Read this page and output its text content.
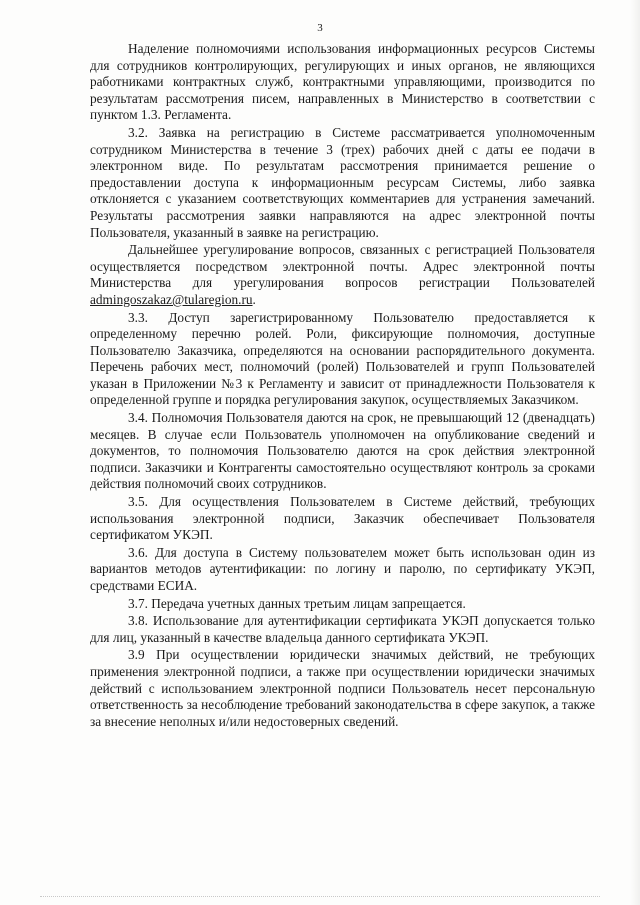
3

Наделение полномочиями использования информационных ресурсов Системы для сотрудников контролирующих, регулирующих и иных органов, не являющихся работниками контрактных служб, контрактными управляющими, производится по результатам рассмотрения писем, направленных в Министерство в соответствии с пунктом 1.3. Регламента.

3.2. Заявка на регистрацию в Системе рассматривается уполномоченным сотрудником Министерства в течение 3 (трех) рабочих дней с даты ее подачи в электронном виде. По результатам рассмотрения принимается решение о предоставлении доступа к информационным ресурсам Системы, либо заявка отклоняется с указанием соответствующих комментариев для устранения замечаний. Результаты рассмотрения заявки направляются на адрес электронной почты Пользователя, указанный в заявке на регистрацию.

Дальнейшее урегулирование вопросов, связанных с регистрацией Пользователя осуществляется посредством электронной почты. Адрес электронной почты Министерства для урегулирования вопросов регистрации Пользователей admingoszakaz@tularegion.ru.

3.3. Доступ зарегистрированному Пользователю предоставляется к определенному перечню ролей. Роли, фиксирующие полномочия, доступные Пользователю Заказчика, определяются на основании распорядительного документа. Перечень рабочих мест, полномочий (ролей) Пользователей и групп Пользователей указан в Приложении №3 к Регламенту и зависит от принадлежности Пользователя к определенной группе и порядка регулирования закупок, осуществляемых Заказчиком.

3.4. Полномочия Пользователя даются на срок, не превышающий 12 (двенадцать) месяцев. В случае если Пользователь уполномочен на опубликование сведений и документов, то полномочия Пользователю даются на срок действия электронной подписи. Заказчики и Контрагенты самостоятельно осуществляют контроль за сроками действия полномочий своих сотрудников.

3.5. Для осуществления Пользователем в Системе действий, требующих использования электронной подписи, Заказчик обеспечивает Пользователя сертификатом УКЭП.

3.6. Для доступа в Систему пользователем может быть использован один из вариантов методов аутентификации: по логину и паролю, по сертификату УКЭП, средствами ЕСИА.

3.7. Передача учетных данных третьим лицам запрещается.

3.8. Использование для аутентификации сертификата УКЭП допускается только для лиц, указанный в качестве владельца данного сертификата УКЭП.

3.9 При осуществлении юридически значимых действий, не требующих применения электронной подписи, а также при осуществлении юридически значимых действий с использованием электронной подписи Пользователь несет персональную ответственность за несоблюдение требований законодательства в сфере закупок, а также за внесение неполных и/или недостоверных сведений.
